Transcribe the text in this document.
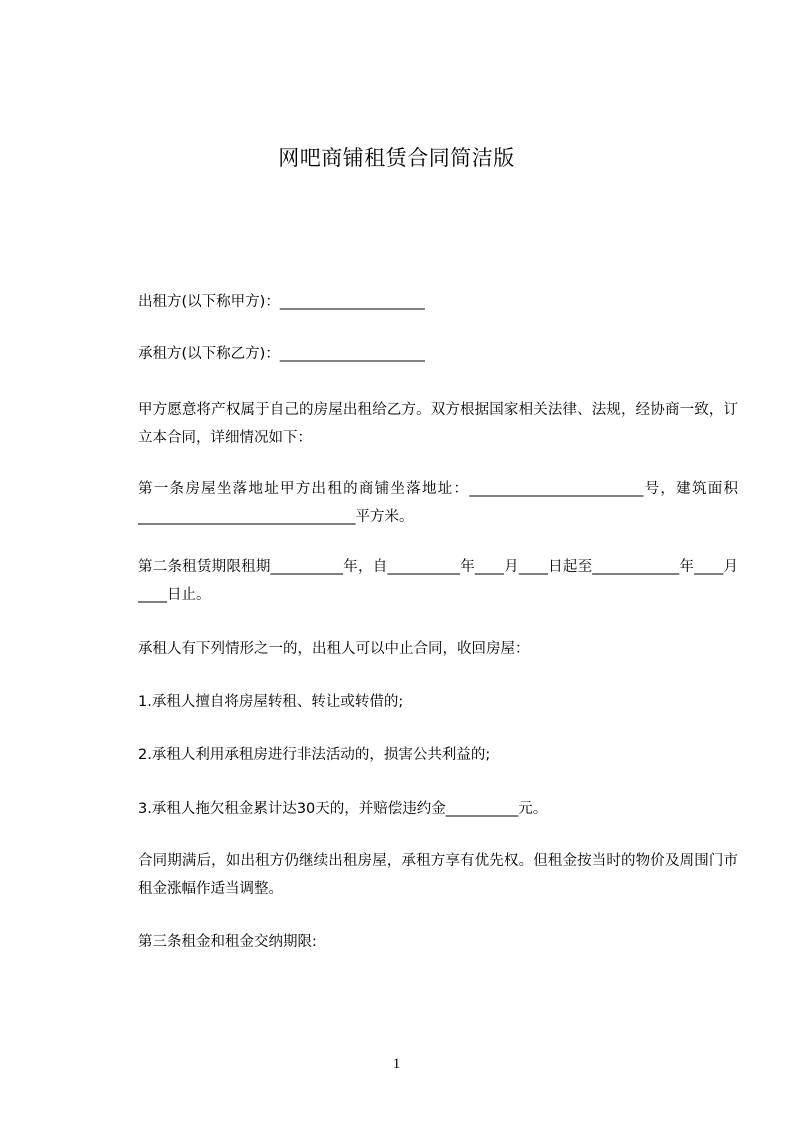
网吧商铺租赁合同简洁版
出租方(以下称甲方)：____________________
承租方(以下称乙方)：____________________
甲方愿意将产权属于自己的房屋出租给乙方。双方根据国家相关法律、法规，经协商一致，订立本合同，详细情况如下：
第一条房屋坐落地址甲方出租的商铺坐落地址：________________________号，建筑面积______________________________平方米。
第二条租赁期限租期__________年，自__________年____月____日起至____________年____月____日止。
承租人有下列情形之一的，出租人可以中止合同，收回房屋：
1.承租人擅自将房屋转租、转让或转借的;
2.承租人利用承租房进行非法活动的，损害公共利益的;
3.承租人拖欠租金累计达30天的，并赔偿违约金__________元。
合同期满后，如出租方仍继续出租房屋，承租方享有优先权。但租金按当时的物价及周围门市租金涨幅作适当调整。
第三条租金和租金交纳期限:
1
